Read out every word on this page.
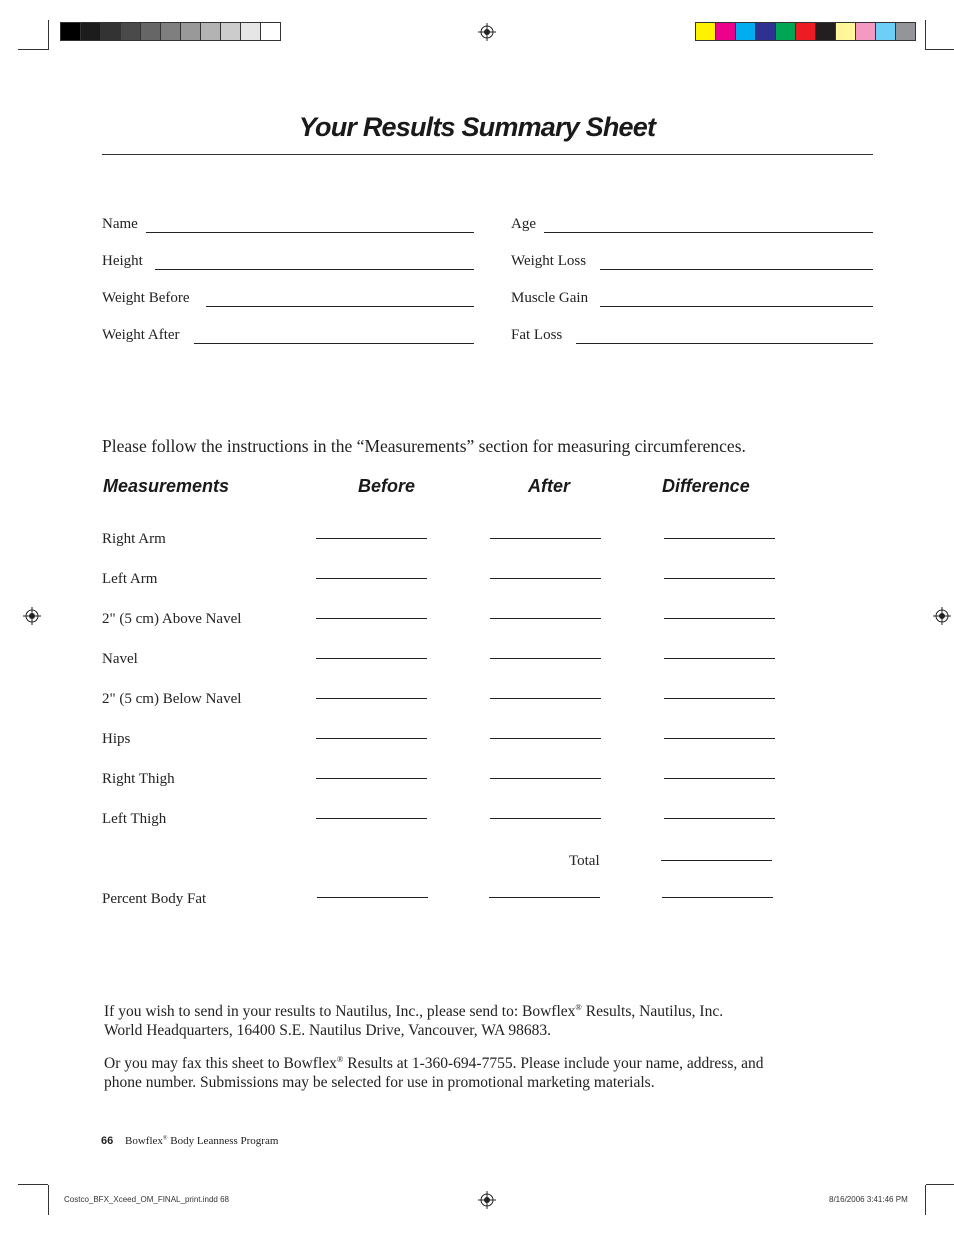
Your Results Summary Sheet
Name
Height
Weight Before
Weight After
Age
Weight Loss
Muscle Gain
Fat Loss
Please follow the instructions in the “Measurements” section for measuring circumferences.
Measurements	Before	After	Difference
Right Arm
Left Arm
2" (5 cm) Above Navel
Navel
2" (5 cm) Below Navel
Hips
Right Thigh
Left Thigh
Total
Percent Body Fat
If you wish to send in your results to Nautilus, Inc., please send to: Bowflex® Results, Nautilus, Inc.
World Headquarters, 16400 S.E. Nautilus Drive, Vancouver, WA 98683.
Or you may fax this sheet to Bowflex® Results at 1-360-694-7755. Please include your name, address, and
phone number. Submissions may be selected for use in promotional marketing materials.
66 Bowflex® Body Leanness Program
Costco_BFX_Xceed_OM_FINAL_print.indd 68	8/16/2006 3:41:46 PM
